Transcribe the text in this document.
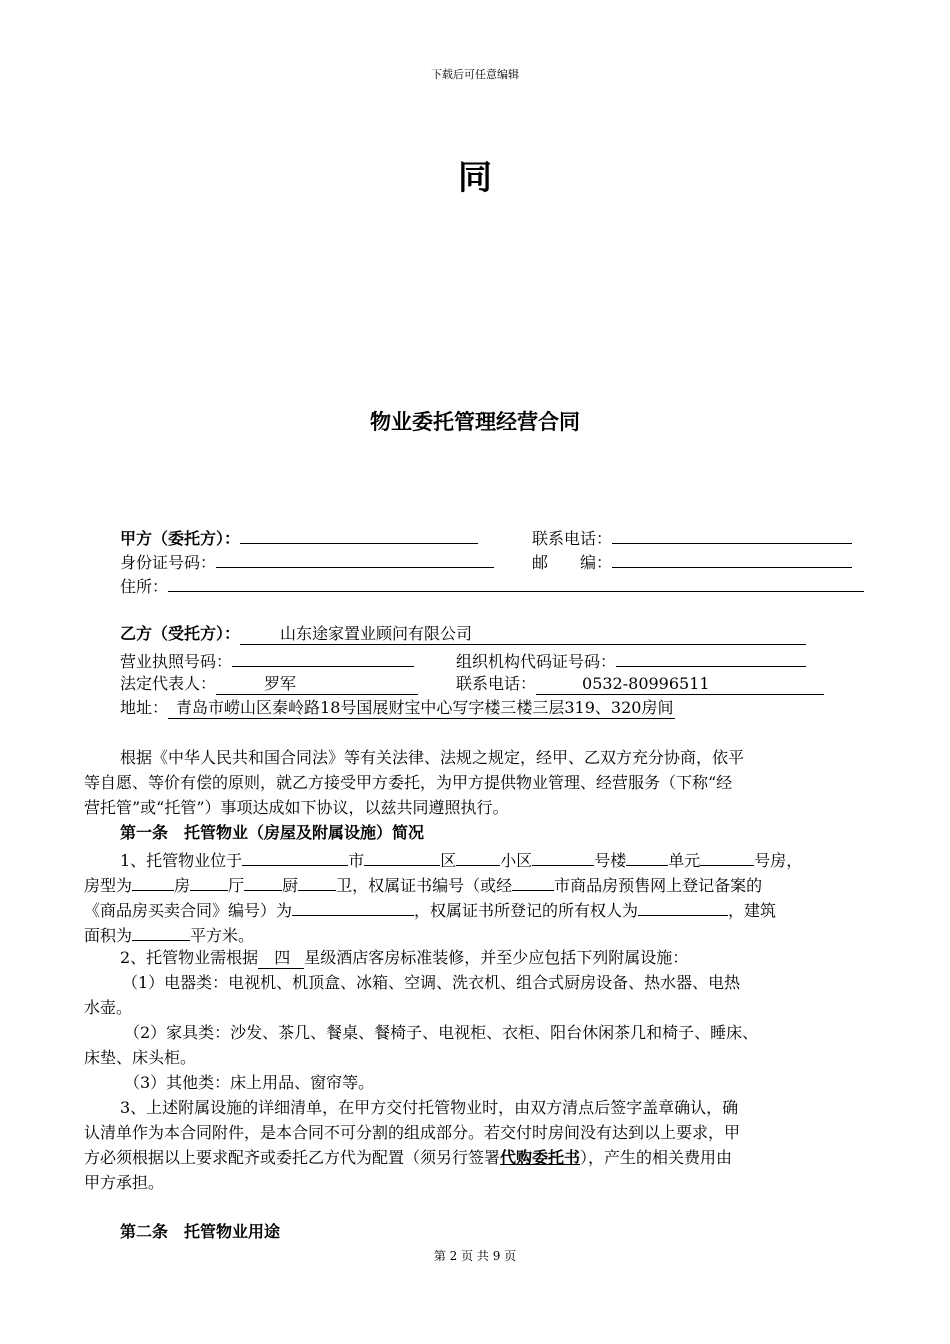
下载后可任意编辑
同
物业委托管理经营合同
甲方（委托方）：	联系电话：
身份证号码：	邮　　编：
住所：
乙方（受托方）：	山东途家置业顾问有限公司
营业执照号码：	组织机构代码证号码：
法定代表人：	罗军	联系电话：	0532-80996511
地址： 青岛市崂山区秦岭路18号国展财宝中心写字楼三楼三层319、320房间
根据《中华人民共和国合同法》等有关法律、法规之规定，经甲、乙双方充分协商，依平
等自愿、等价有偿的原则，就乙方接受甲方委托，为甲方提供物业管理、经营服务（下称“经
营托管”或“托管”）事项达成如下协议，以兹共同遵照执行。
第一条　托管物业（房屋及附属设施）简况
1、托管物业位于	市	区	小区	号楼	单元	号房，
房型为	房 厅 厨 卫，权属证书编号（或经	市商品房预售网上登记备案的
《商品房买卖合同》编号）为	，权属证书所登记的所有权人为	，建筑
面积为	平方米。
2、托管物业需根据 四 星级酒店客房标准装修，并至少应包括下列附属设施：
（1）电器类：电视机、机顶盒、冰箱、空调、洗衣机、组合式厨房设备、热水器、电热
水壶。
（2）家具类：沙发、茶几、餐桌、餐椅子、电视柜、衣柜、阳台休闲茶几和椅子、睡床、
床垫、床头柜。
（3）其他类：床上用品、窗帘等。
3、上述附属设施的详细清单，在甲方交付托管物业时，由双方清点后签字盖章确认，确
认清单作为本合同附件，是本合同不可分割的组成部分。若交付时房间没有达到以上要求，甲
方必须根据以上要求配齐或委托乙方代为配置（须另行签署代购委托书），产生的相关费用由
甲方承担。
第二条　托管物业用途
第 2 页 共 9 页
